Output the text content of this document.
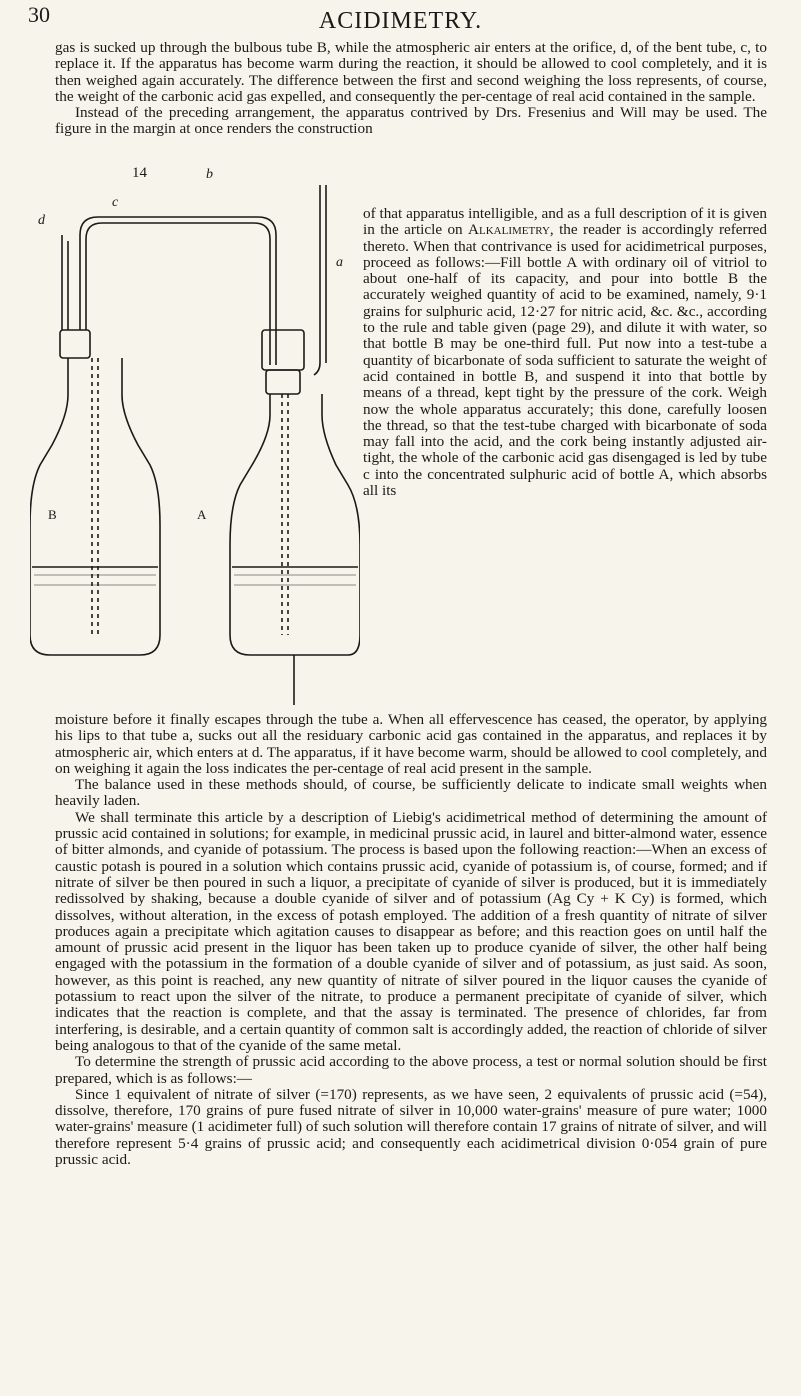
30	ACIDIMETRY.

gas is sucked up through the bulbous tube B, while the atmospheric air enters at the orifice, d, of the bent tube, c, to replace it. If the apparatus has become warm during the reaction, it should be allowed to cool completely, and it is then weighed again accurately. The difference between the first and second weighing the loss represents, of course, the weight of the carbonic acid gas expelled, and consequently the per-centage of real acid contained in the sample.

Instead of the preceding arrangement, the apparatus contrived by Drs. Fresenius and Will may be used. The figure in the margin at once renders the construction

14	b
c
d
a
A
B
of that apparatus intelligible, and as a full description of it is given in the article on Alkalimetry, the reader is accordingly referred thereto. When that contrivance is used for acidimetrical purposes, proceed as follows:—Fill bottle A with ordinary oil of vitriol to about one-half of its capacity, and pour into bottle B the accurately weighed quantity of acid to be examined, namely, 9·1 grains for sulphuric acid, 12·27 for nitric acid, &c. &c., according to the rule and table given (page 29), and dilute it with water, so that bottle B may be one-third full. Put now into a test-tube a quantity of bicarbonate of soda sufficient to saturate the weight of acid contained in bottle B, and suspend it into that bottle by means of a thread, kept tight by the pressure of the cork. Weigh now the whole apparatus accurately; this done, carefully loosen the thread, so that the test-tube charged with bicarbonate of soda may fall into the acid, and the cork being instantly adjusted air-tight, the whole of the carbonic acid gas disengaged is led by tube c into the concentrated sulphuric acid of bottle A, which absorbs all its

moisture before it finally escapes through the tube a. When all effervescence has ceased, the operator, by applying his lips to that tube a, sucks out all the residuary carbonic acid gas contained in the apparatus, and replaces it by atmospheric air, which enters at d. The apparatus, if it have become warm, should be allowed to cool completely, and on weighing it again the loss indicates the per-centage of real acid present in the sample.

The balance used in these methods should, of course, be sufficiently delicate to indicate small weights when heavily laden.

We shall terminate this article by a description of Liebig's acidimetrical method of determining the amount of prussic acid contained in solutions; for example, in medicinal prussic acid, in laurel and bitter-almond water, essence of bitter almonds, and cyanide of potassium. The process is based upon the following reaction:—When an excess of caustic potash is poured in a solution which contains prussic acid, cyanide of potassium is, of course, formed; and if nitrate of silver be then poured in such a liquor, a precipitate of cyanide of silver is produced, but it is immediately redissolved by shaking, because a double cyanide of silver and of potassium (Ag Cy + K Cy) is formed, which dissolves, without alteration, in the excess of potash employed. The addition of a fresh quantity of nitrate of silver produces again a precipitate which agitation causes to disappear as before; and this reaction goes on until half the amount of prussic acid present in the liquor has been taken up to produce cyanide of silver, the other half being engaged with the potassium in the formation of a double cyanide of silver and of potassium, as just said. As soon, however, as this point is reached, any new quantity of nitrate of silver poured in the liquor causes the cyanide of potassium to react upon the silver of the nitrate, to produce a permanent precipitate of cyanide of silver, which indicates that the reaction is complete, and that the assay is terminated. The presence of chlorides, far from interfering, is desirable, and a certain quantity of common salt is accordingly added, the reaction of chloride of silver being analogous to that of the cyanide of the same metal.

To determine the strength of prussic acid according to the above process, a test or normal solution should be first prepared, which is as follows:—

Since 1 equivalent of nitrate of silver (=170) represents, as we have seen, 2 equivalents of prussic acid (=54), dissolve, therefore, 170 grains of pure fused nitrate of silver in 10,000 water-grains' measure of pure water; 1000 water-grains' measure (1 acidimeter full) of such solution will therefore contain 17 grains of nitrate of silver, and will therefore represent 5·4 grains of prussic acid; and consequently each acidimetrical division 0·054 grain of pure prussic acid.
